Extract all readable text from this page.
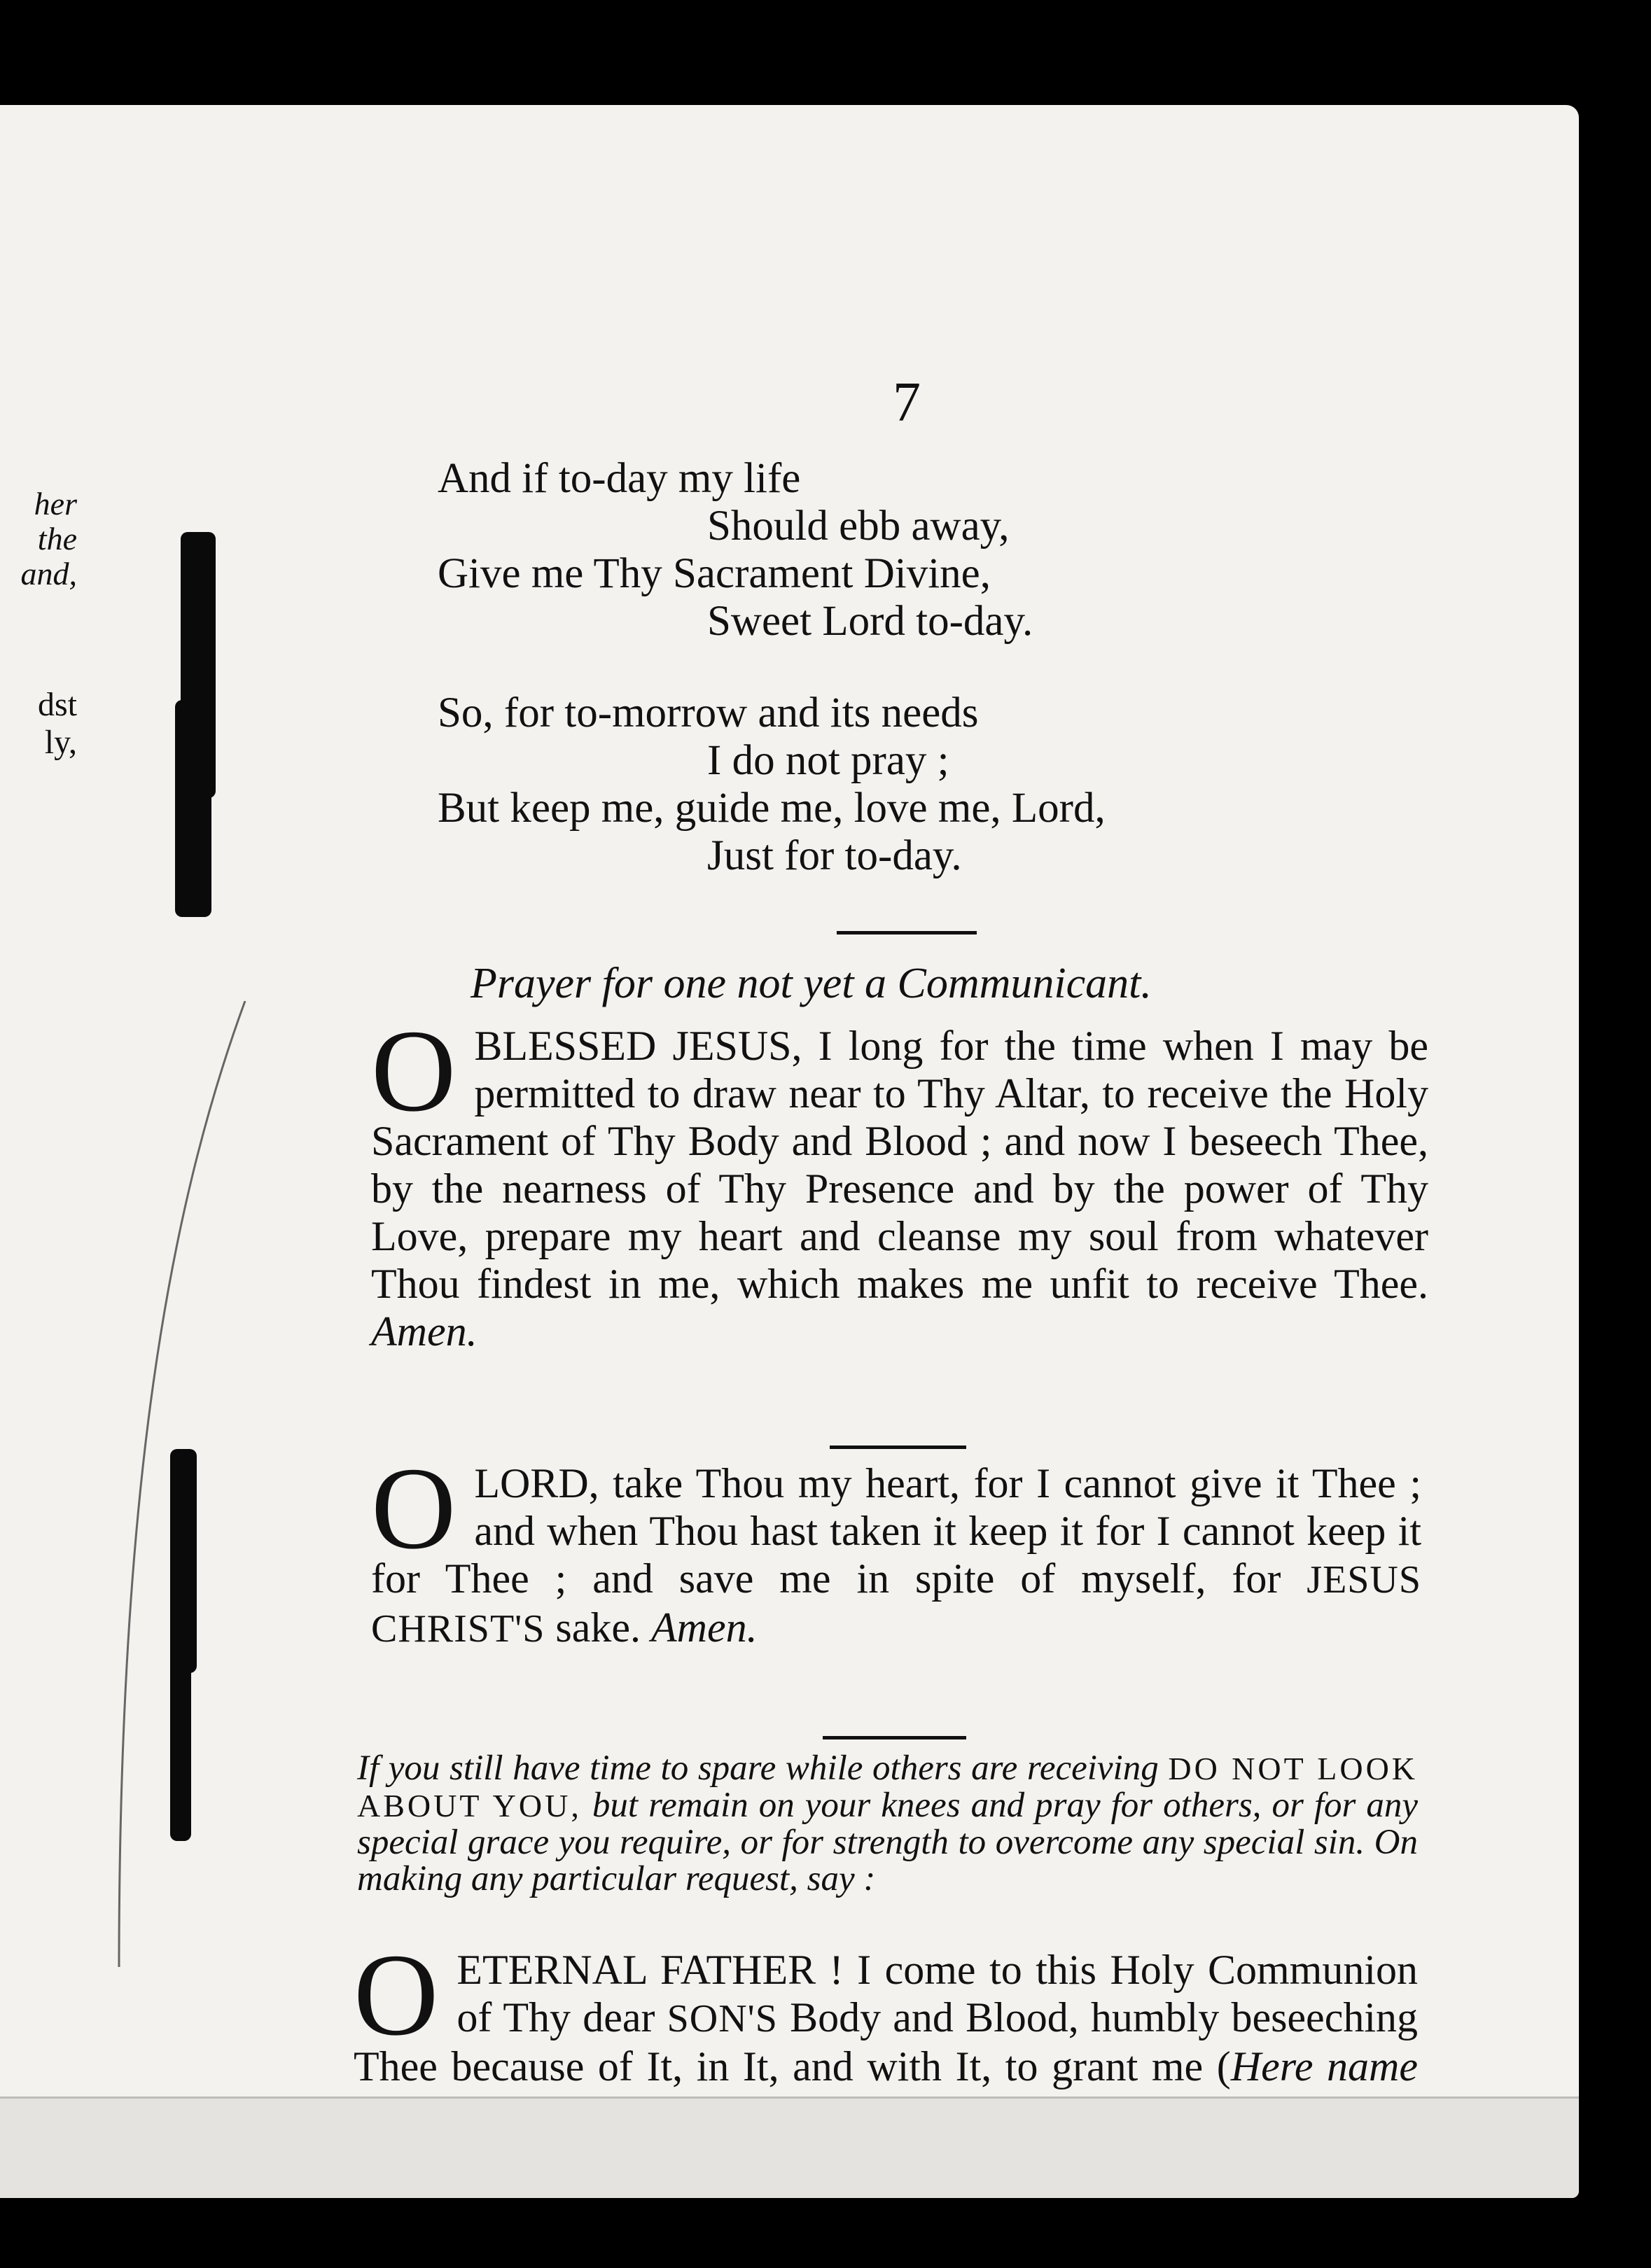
her
the
and,
dst
ly,
7
And if to-day my life
Should ebb away,
Give me Thy Sacrament Divine,
Sweet Lord to-day.
So, for to-morrow and its needs
I do not pray ;
But keep me, guide me, love me, Lord,
Just for to-day.
Prayer for one not yet a Communicant.
O BLESSED JESUS, I long for the time when I may be permitted to draw near to Thy Altar, to receive the Holy Sacrament of Thy Body and Blood ; and now I beseech Thee, by the nearness of Thy Presence and by the power of Thy Love, prepare my heart and cleanse my soul from whatever Thou findest in me, which makes me unfit to receive Thee. Amen.
O LORD, take Thou my heart, for I cannot give it Thee ; and when Thou hast taken it keep it for I cannot keep it for Thee ; and save me in spite of myself, for JESUS CHRIST'S sake. Amen.
If you still have time to spare while others are receiving DO NOT LOOK ABOUT YOU, but remain on your knees and pray for others, or for any special grace you require, or for strength to overcome any special sin. On making any particular request, say :
O ETERNAL FATHER ! I come to this Holy Communion of Thy dear SON'S Body and Blood, humbly beseeching Thee because of It, in It, and with It, to grant me (Here name
